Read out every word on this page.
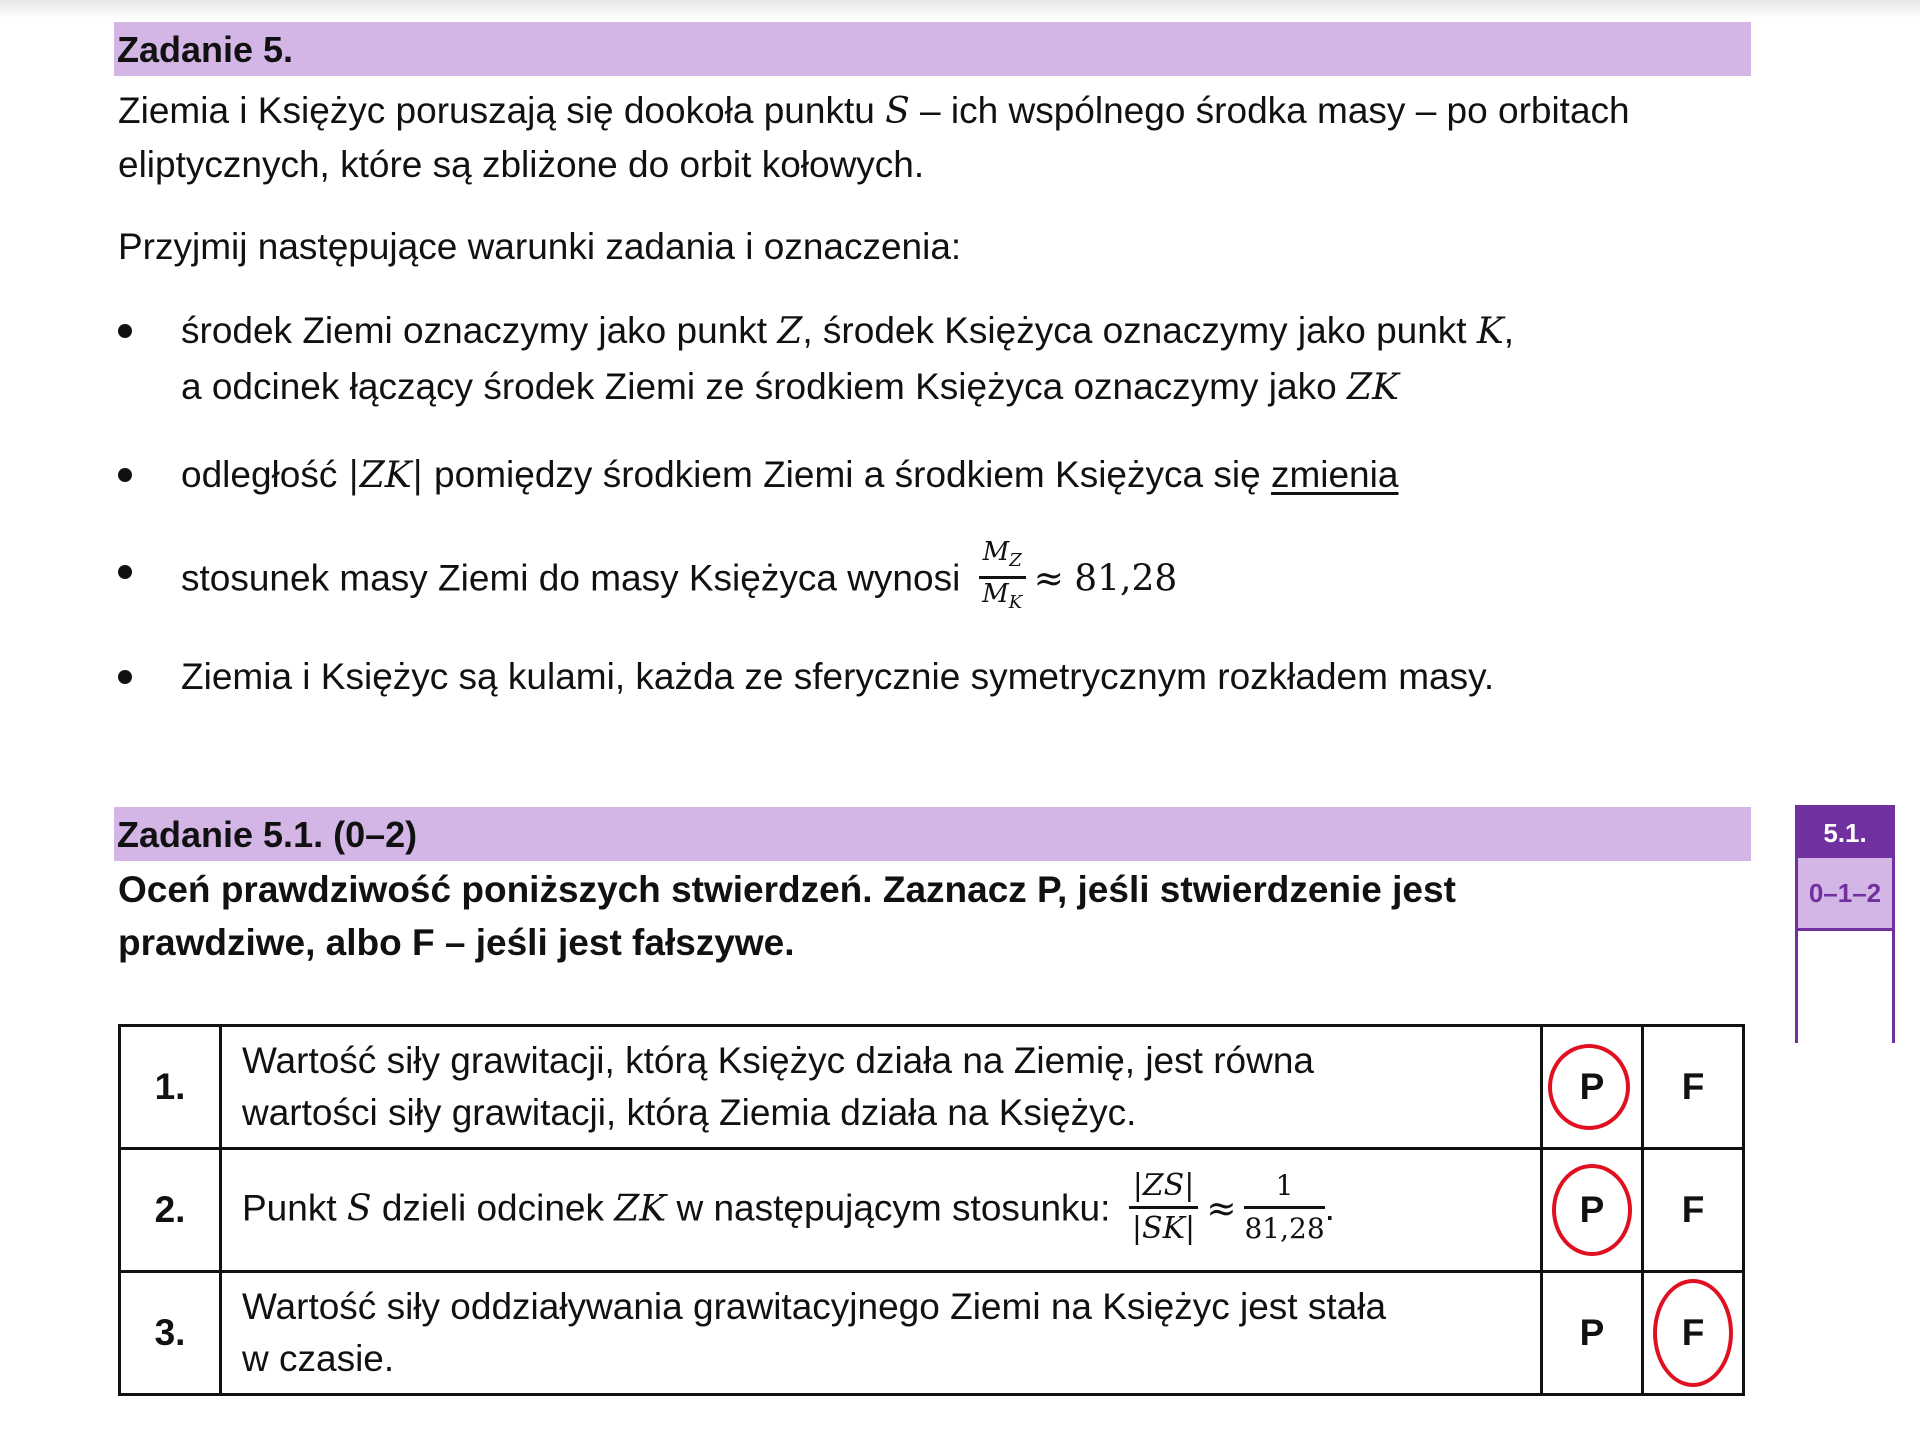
Zadanie 5.
Ziemia i Księżyc poruszają się dookoła punktu S – ich wspólnego środka masy – po orbitach
eliptycznych, które są zbliżone do orbit kołowych.
Przyjmij następujące warunki zadania i oznaczenia:
środek Ziemi oznaczymy jako punkt Z, środek Księżyca oznaczymy jako punkt K,
a odcinek łączący środek Ziemi ze środkiem Księżyca oznaczymy jako ZK
odległość |ZK| pomiędzy środkiem Ziemi a środkiem Księżyca się zmienia
stosunek masy Ziemi do masy Księżyca wynosi $\frac{M_Z}{M_K} \approx 81,28$
Ziemia i Księżyc są kulami, każda ze sferycznie symetrycznym rozkładem masy.
Zadanie 5.1. (0–2)
Oceń prawdziwość poniższych stwierdzeń. Zaznacz P, jeśli stwierdzenie jest
prawdziwe, albo F – jeśli jest fałszywe.
5.1.
0–1–2
1.	Wartość siły grawitacji, którą Księżyc działa na Ziemię, jest równa
wartości siły grawitacji, którą Ziemia działa na Księżyc.	P	F
2.	Punkt S dzieli odcinek ZK w następującym stosunku: $\frac{|ZS|}{|SK|} \approx \frac{1}{81,28}$ .	P	F
3.	Wartość siły oddziaływania grawitacyjnego Ziemi na Księżyc jest stała
w czasie.	P	F
